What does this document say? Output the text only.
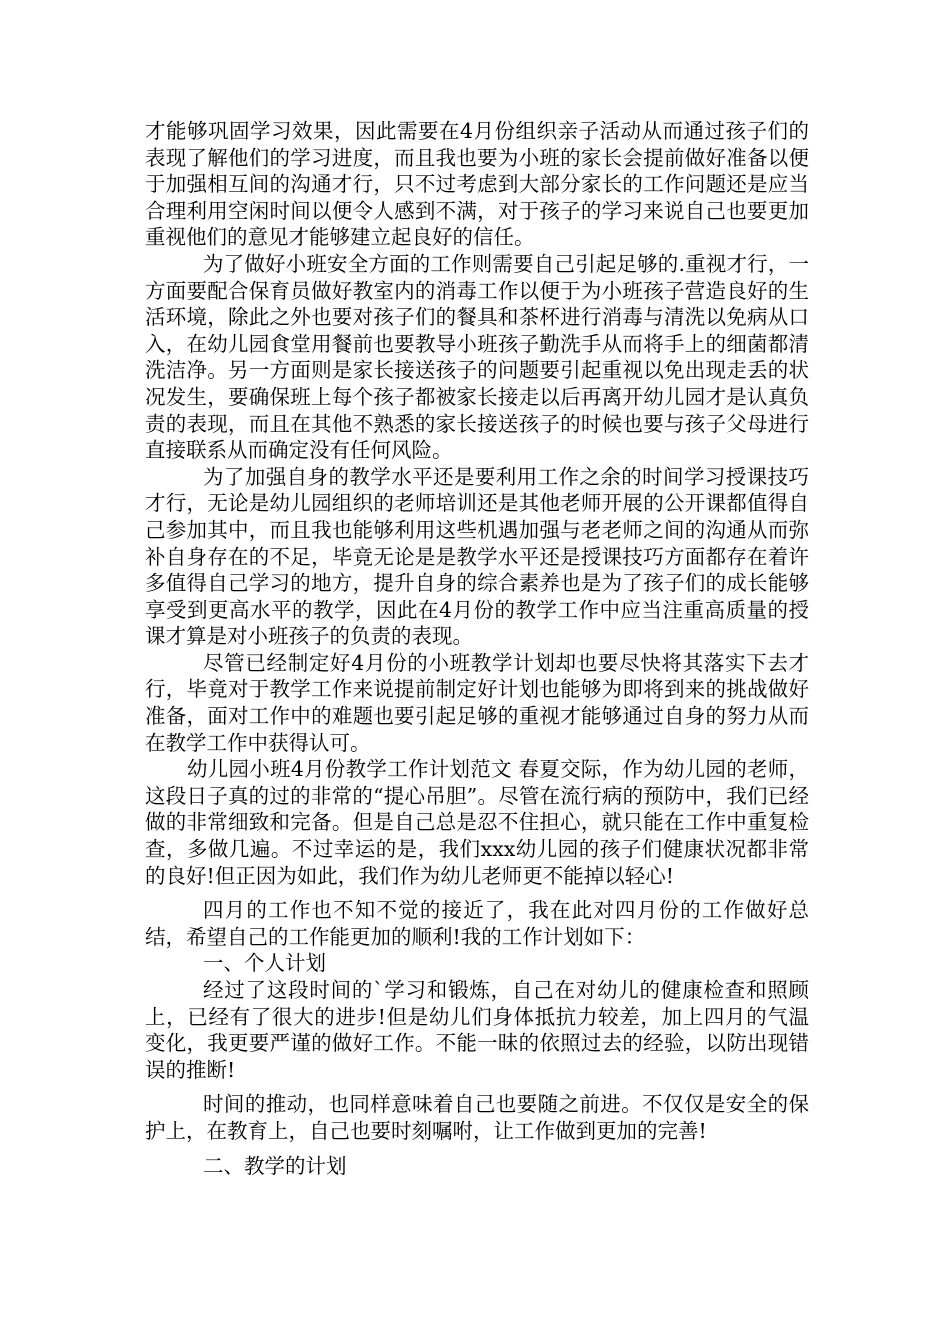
才能够巩固学习效果，因此需要在4月份组织亲子活动从而通过孩子们的表现了解他们的学习进度，而且我也要为小班的家长会提前做好准备以便于加强相互间的沟通才行，只不过考虑到大部分家长的工作问题还是应当合理利用空闲时间以便令人感到不满，对于孩子的学习来说自己也要更加重视他们的意见才能够建立起良好的信任。

为了做好小班安全方面的工作则需要自己引起足够的.重视才行，一方面要配合保育员做好教室内的消毒工作以便于为小班孩子营造良好的生活环境，除此之外也要对孩子们的餐具和茶杯进行消毒与清洗以免病从口入，在幼儿园食堂用餐前也要教导小班孩子勤洗手从而将手上的细菌都清洗洁净。另一方面则是家长接送孩子的问题要引起重视以免出现走丢的状况发生，要确保班上每个孩子都被家长接走以后再离开幼儿园才是认真负责的表现，而且在其他不熟悉的家长接送孩子的时候也要与孩子父母进行直接联系从而确定没有任何风险。

为了加强自身的教学水平还是要利用工作之余的时间学习授课技巧才行，无论是幼儿园组织的老师培训还是其他老师开展的公开课都值得自己参加其中，而且我也能够利用这些机遇加强与老老师之间的沟通从而弥补自身存在的不足，毕竟无论是是教学水平还是授课技巧方面都存在着许多值得自己学习的地方，提升自身的综合素养也是为了孩子们的成长能够享受到更高水平的教学，因此在4月份的教学工作中应当注重高质量的授课才算是对小班孩子的负责的表现。

尽管已经制定好4月份的小班教学计划却也要尽快将其落实下去才行，毕竟对于教学工作来说提前制定好计划也能够为即将到来的挑战做好准备，面对工作中的难题也要引起足够的重视才能够通过自身的努力从而在教学工作中获得认可。

幼儿园小班4月份教学工作计划范文 春夏交际，作为幼儿园的老师，这段日子真的过的非常的“提心吊胆”。尽管在流行病的预防中，我们已经做的非常细致和完备。但是自己总是忍不住担心，就只能在工作中重复检查，多做几遍。不过幸运的是，我们xxx幼儿园的孩子们健康状况都非常的良好!但正因为如此，我们作为幼儿老师更不能掉以轻心!

四月的工作也不知不觉的接近了，我在此对四月份的工作做好总结，希望自己的工作能更加的顺利!我的工作计划如下：

一、个人计划

经过了这段时间的`学习和锻炼，自己在对幼儿的健康检查和照顾上，已经有了很大的进步!但是幼儿们身体抵抗力较差，加上四月的气温变化，我更要严谨的做好工作。不能一昧的依照过去的经验，以防出现错误的推断!

时间的推动，也同样意味着自己也要随之前进。不仅仅是安全的保护上，在教育上，自己也要时刻嘱咐，让工作做到更加的完善!

二、教学的计划
